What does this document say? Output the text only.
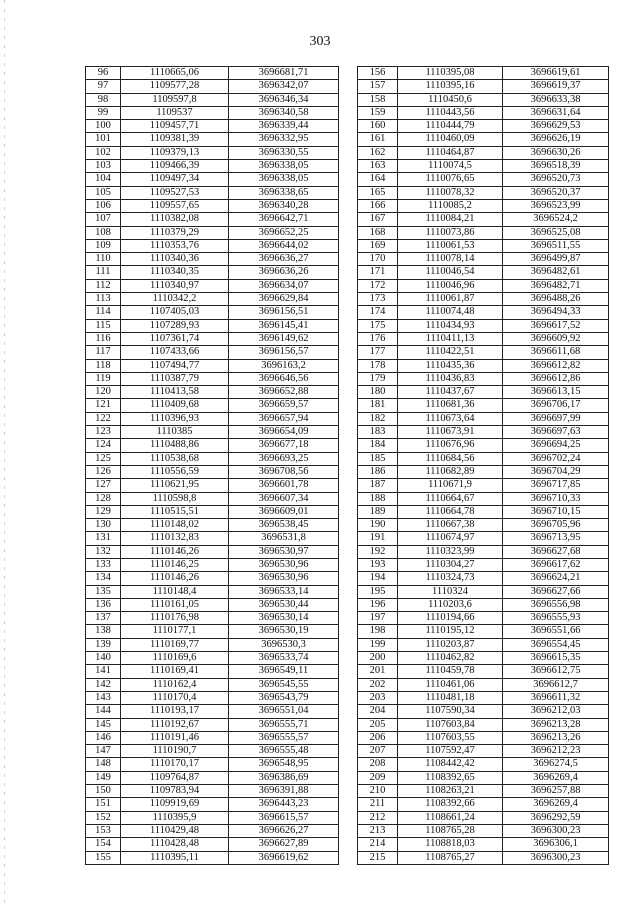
303
96	1110665,06	3696681,71
97	1109577,28	3696342,07
98	1109597,8	3696346,34
99	1109537	3696340,58
100	1109457,71	3696339,44
101	1109381,39	3696332,95
102	1109379,13	3696330,55
103	1109466,39	3696338,05
104	1109497,34	3696338,05
105	1109527,53	3696338,65
106	1109557,65	3696340,28
107	1110382,08	3696642,71
108	1110379,29	3696652,25
109	1110353,76	3696644,02
110	1110340,36	3696636,27
111	1110340,35	3696636,26
112	1110340,97	3696634,07
113	1110342,2	3696629,84
114	1107405,03	3696156,51
115	1107289,93	3696145,41
116	1107361,74	3696149,62
117	1107433,66	3696156,57
118	1107494,77	3696163,2
119	1110387,79	3696646,56
120	1110413,58	3696652,88
121	1110409,68	3696659,57
122	1110396,93	3696657,94
123	1110385	3696654,09
124	1110488,86	3696677,18
125	1110538,68	3696693,25
126	1110556,59	3696708,56
127	1110621,95	3696601,78
128	1110598,8	3696607,34
129	1110515,51	3696609,01
130	1110148,02	3696538,45
131	1110132,83	3696531,8
132	1110146,26	3696530,97
133	1110146,25	3696530,96
134	1110146,26	3696530,96
135	1110148,4	3696533,14
136	1110161,05	3696530,44
137	1110176,98	3696530,14
138	1110177,1	3696530,19
139	1110169,77	3696530,3
140	1110169,6	3696533,74
141	1110169,41	3696549,11
142	1110162,4	3696545,55
143	1110170,4	3696543,79
144	1110193,17	3696551,04
145	1110192,67	3696555,71
146	1110191,46	3696555,57
147	1110190,7	3696555,48
148	1110170,17	3696548,95
149	1109764,87	3696386,69
150	1109783,94	3696391,88
151	1109919,69	3696443,23
152	1110395,9	3696615,57
153	1110429,48	3696626,27
154	1110428,48	3696627,89
155	1110395,11	3696619,62
156	1110395,08	3696619,61
157	1110395,16	3696619,37
158	1110450,6	3696633,38
159	1110443,56	3696631,64
160	1110444,79	3696629,53
161	1110460,09	3696626,19
162	1110464,87	3696630,26
163	1110074,5	3696518,39
164	1110076,65	3696520,73
165	1110078,32	3696520,37
166	1110085,2	3696523,99
167	1110084,21	3696524,2
168	1110073,86	3696525,08
169	1110061,53	3696511,55
170	1110078,14	3696499,87
171	1110046,54	3696482,61
172	1110046,96	3696482,71
173	1110061,87	3696488,26
174	1110074,48	3696494,33
175	1110434,93	3696617,52
176	1110411,13	3696609,92
177	1110422,51	3696611,68
178	1110435,36	3696612,82
179	1110436,83	3696612,86
180	1110437,67	3696613,15
181	1110681,36	3696706,17
182	1110673,64	3696697,99
183	1110673,91	3696697,63
184	1110676,96	3696694,25
185	1110684,56	3696702,24
186	1110682,89	3696704,29
187	1110671,9	3696717,85
188	1110664,67	3696710,33
189	1110664,78	3696710,15
190	1110667,38	3696705,96
191	1110674,97	3696713,95
192	1110323,99	3696627,68
193	1110304,27	3696617,62
194	1110324,73	3696624,21
195	1110324	3696627,66
196	1110203,6	3696556,98
197	1110194,66	3696555,93
198	1110195,12	3696551,66
199	1110203,87	3696554,45
200	1110462,82	3696615,35
201	1110459,78	3696612,75
202	1110461,06	3696612,7
203	1110481,18	3696611,32
204	1107590,34	3696212,03
205	1107603,84	3696213,28
206	1107603,55	3696213,26
207	1107592,47	3696212,23
208	1108442,42	3696274,5
209	1108392,65	3696269,4
210	1108263,21	3696257,88
211	1108392,66	3696269,4
212	1108661,24	3696292,59
213	1108765,28	3696300,23
214	1108818,03	3696306,1
215	1108765,27	3696300,23
